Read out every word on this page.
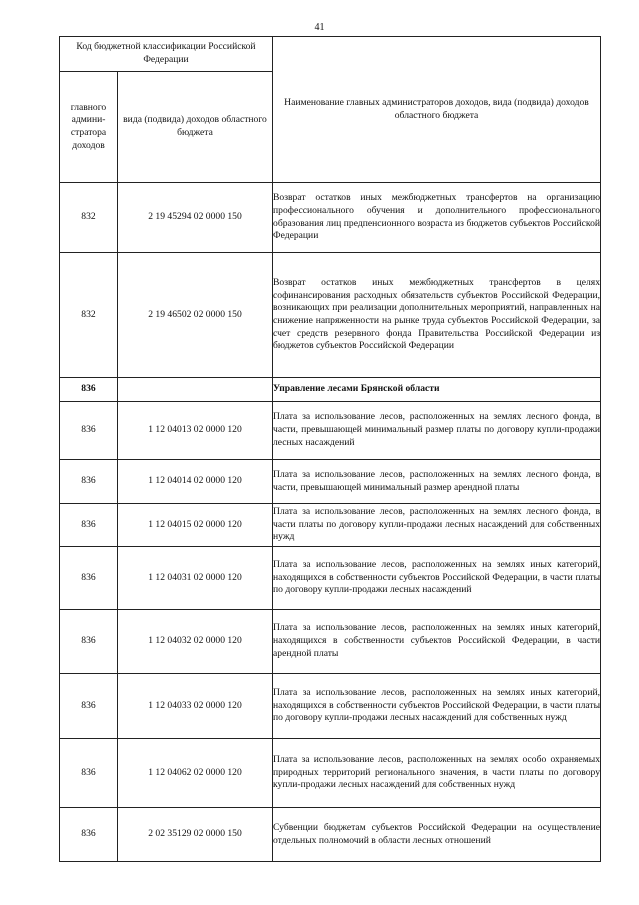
41
Код бюджетной классификации Российской Федерации		Наименование главных администраторов доходов, вида (подвида) доходов областного бюджета
главного админи-стратора доходов	вида (подвида) доходов областного бюджета	
832	2 19 45294 02 0000 150	Возврат остатков иных межбюджетных трансфертов на организацию профессионального обучения и дополнительного профессионального образования лиц предпенсионного возраста из бюджетов субъектов Российской Федерации
832	2 19 46502 02 0000 150	Возврат остатков иных межбюджетных трансфертов в целях софинансирования расходных обязательств субъектов Российской Федерации, возникающих при реализации дополнительных мероприятий, направленных на снижение напряженности на рынке труда субъектов Российской Федерации, за счет средств резервного фонда Правительства Российской Федерации из бюджетов субъектов Российской Федерации
836		Управление лесами Брянской области
836	1 12 04013 02 0000 120	Плата за использование лесов, расположенных на землях лесного фонда, в части, превышающей минимальный размер платы по договору купли-продажи лесных насаждений
836	1 12 04014 02 0000 120	Плата за использование лесов, расположенных на землях лесного фонда, в части, превышающей минимальный размер арендной платы
836	1 12 04015 02 0000 120	Плата за использование лесов, расположенных на землях лесного фонда, в части платы по договору купли-продажи лесных насаждений для собственных нужд
836	1 12 04031 02 0000 120	Плата за использование лесов, расположенных на землях иных категорий, находящихся в собственности субъектов Российской Федерации, в части платы по договору купли-продажи лесных насаждений
836	1 12 04032 02 0000 120	Плата за использование лесов, расположенных на землях иных категорий, находящихся в собственности субъектов Российской Федерации, в части арендной платы
836	1 12 04033 02 0000 120	Плата за использование лесов, расположенных на землях иных категорий, находящихся в собственности субъектов Российской Федерации, в части платы по договору купли-продажи лесных насаждений для собственных нужд
836	1 12 04062 02 0000 120	Плата за использование лесов, расположенных на землях особо охраняемых природных территорий регионального значения, в части платы по договору купли-продажи лесных насаждений для собственных нужд
836	2 02 35129 02 0000 150	Субвенции бюджетам субъектов Российской Федерации на осуществление отдельных полномочий в области лесных отношений
